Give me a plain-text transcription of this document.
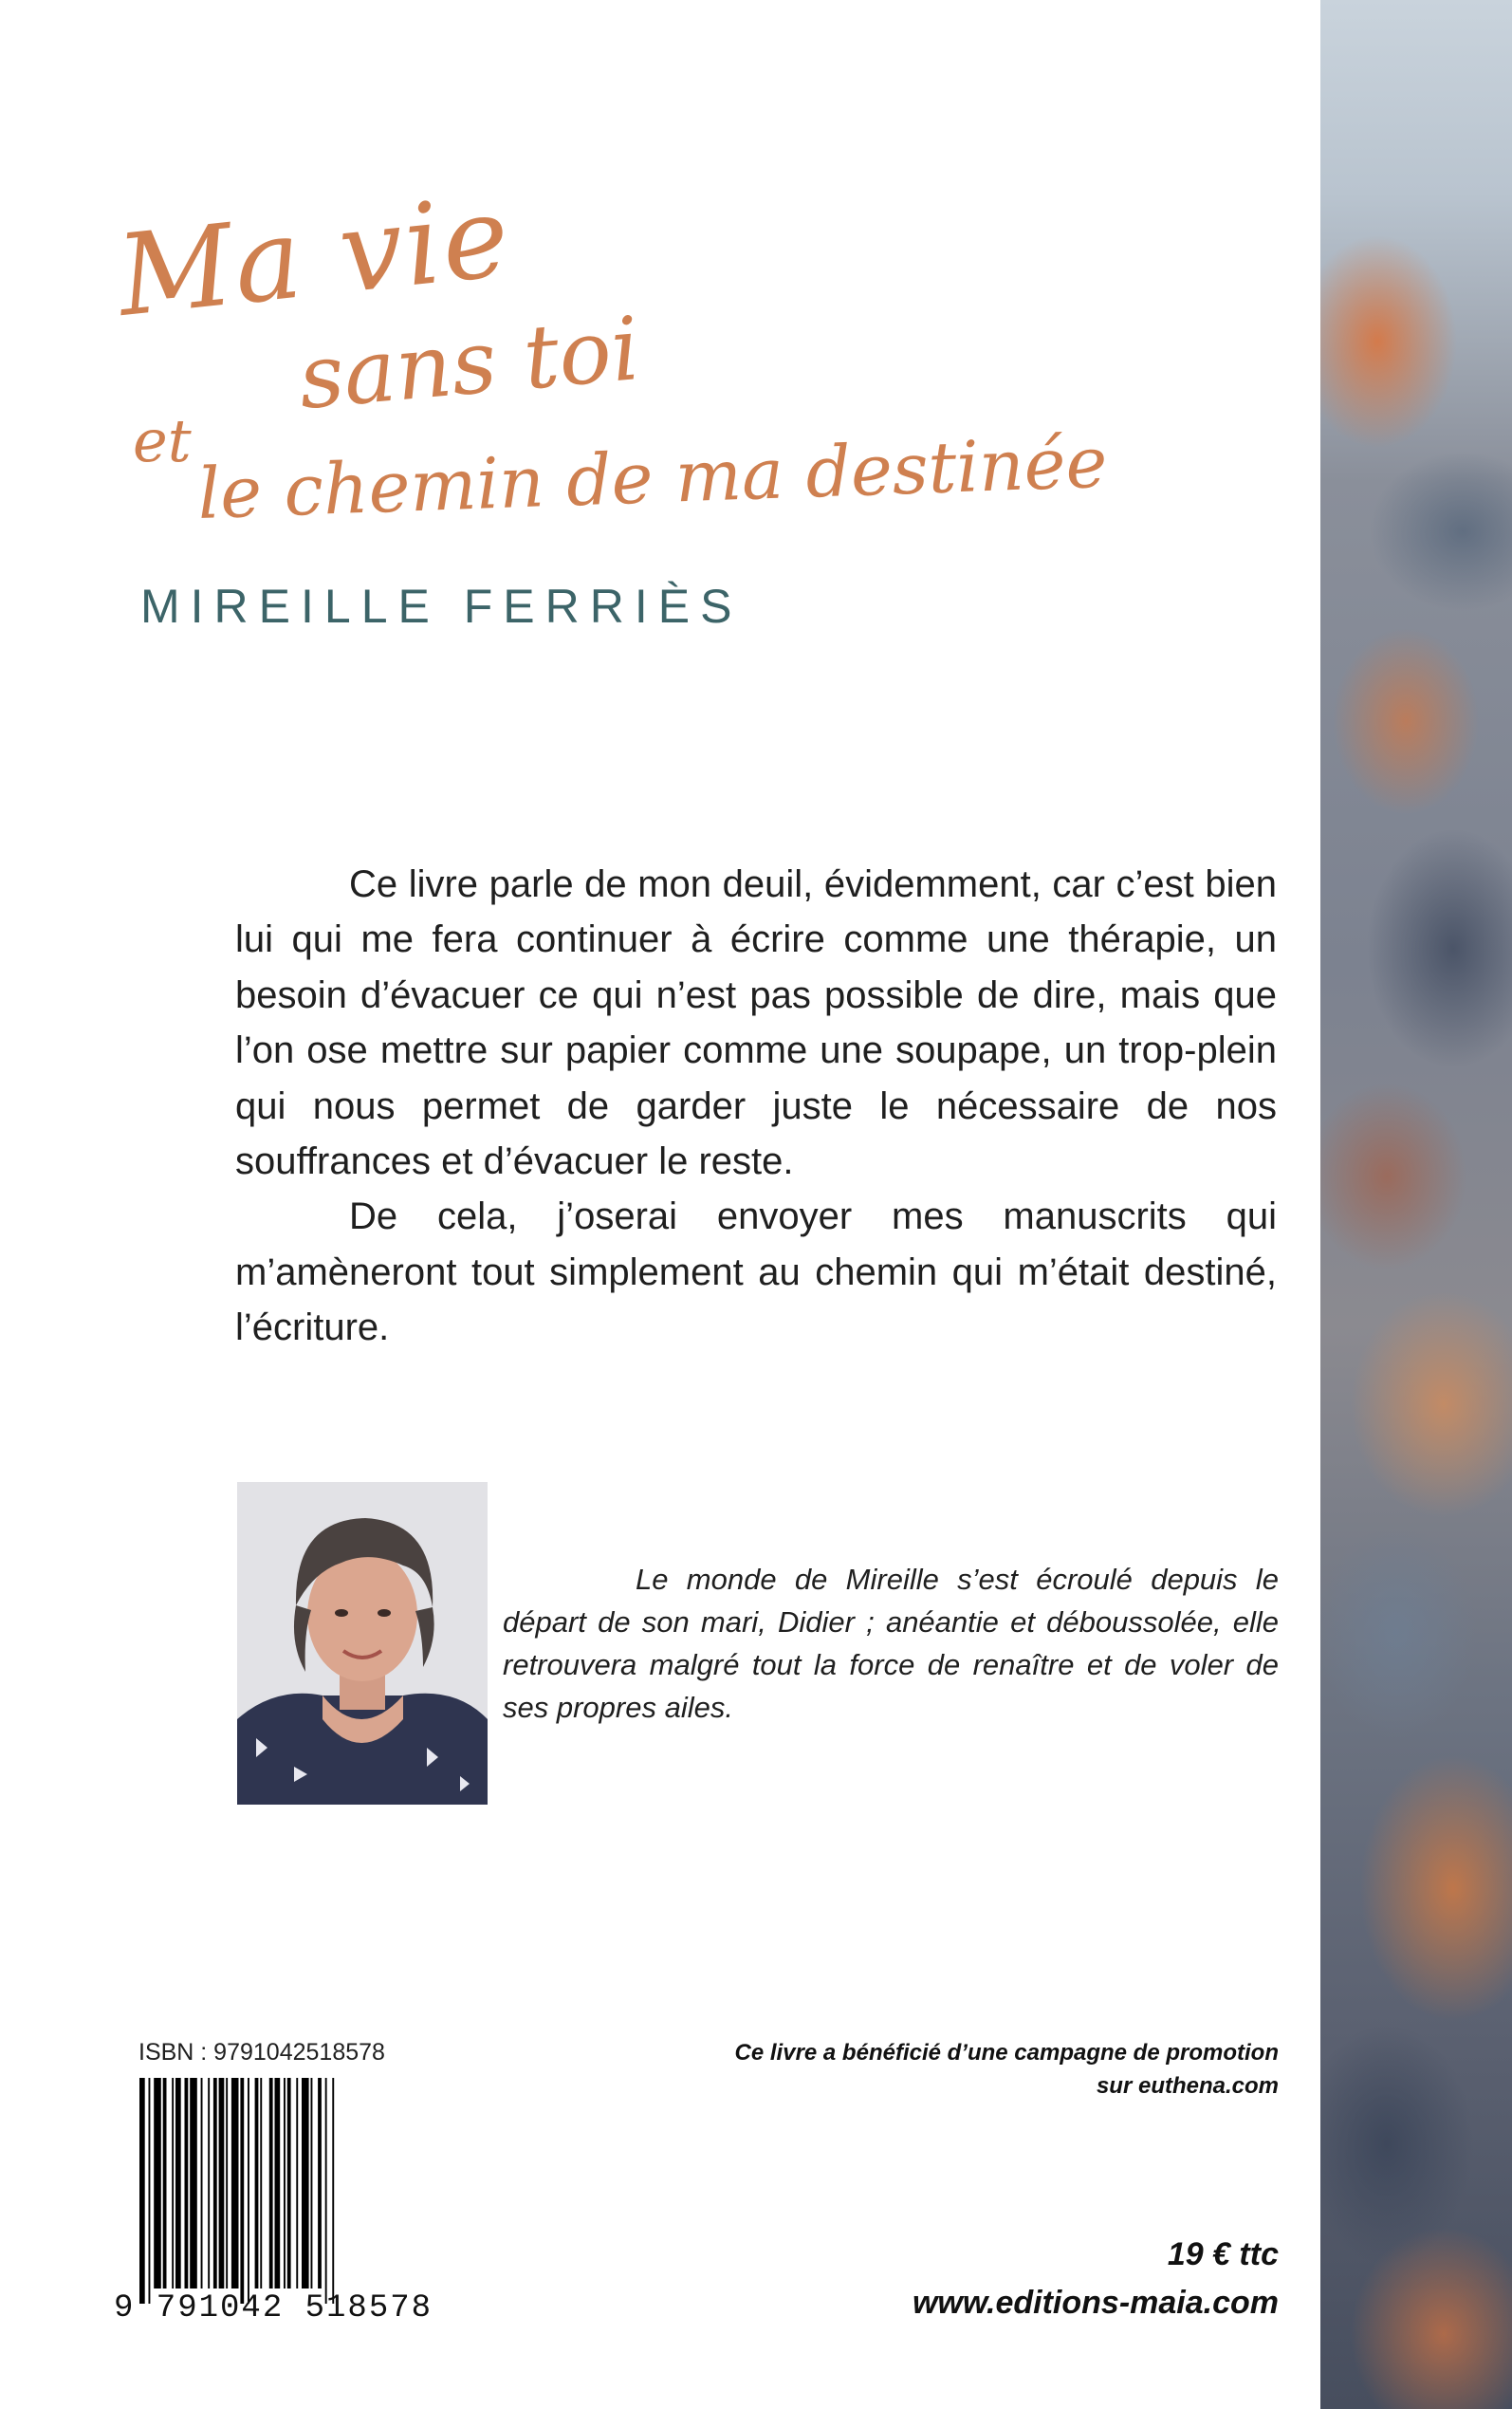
Ma vie
sans toi
et le chemin de ma destinée
MIREILLE FERRIÈS

Ce livre parle de mon deuil, évidemment, car c’est bien lui qui me fera continuer à écrire comme une thérapie, un besoin d’évacuer ce qui n’est pas possible de dire, mais que l’on ose mettre sur papier comme une soupape, un trop-plein qui nous permet de garder juste le nécessaire de nos souffrances et d’évacuer le reste.

De cela, j’oserai envoyer mes manuscrits qui m’amèneront tout simplement au chemin qui m’était destiné, l’écriture.

Le monde de Mireille s’est écroulé depuis le départ de son mari, Didier ; anéantie et déboussolée, elle retrouvera malgré tout la force de renaître et de voler de ses propres ailes.

ISBN : 9791042518578
9 791042 518578
Ce livre a bénéficié d’une campagne de promotion
sur euthena.com
19 € ttc
www.editions-maia.com
